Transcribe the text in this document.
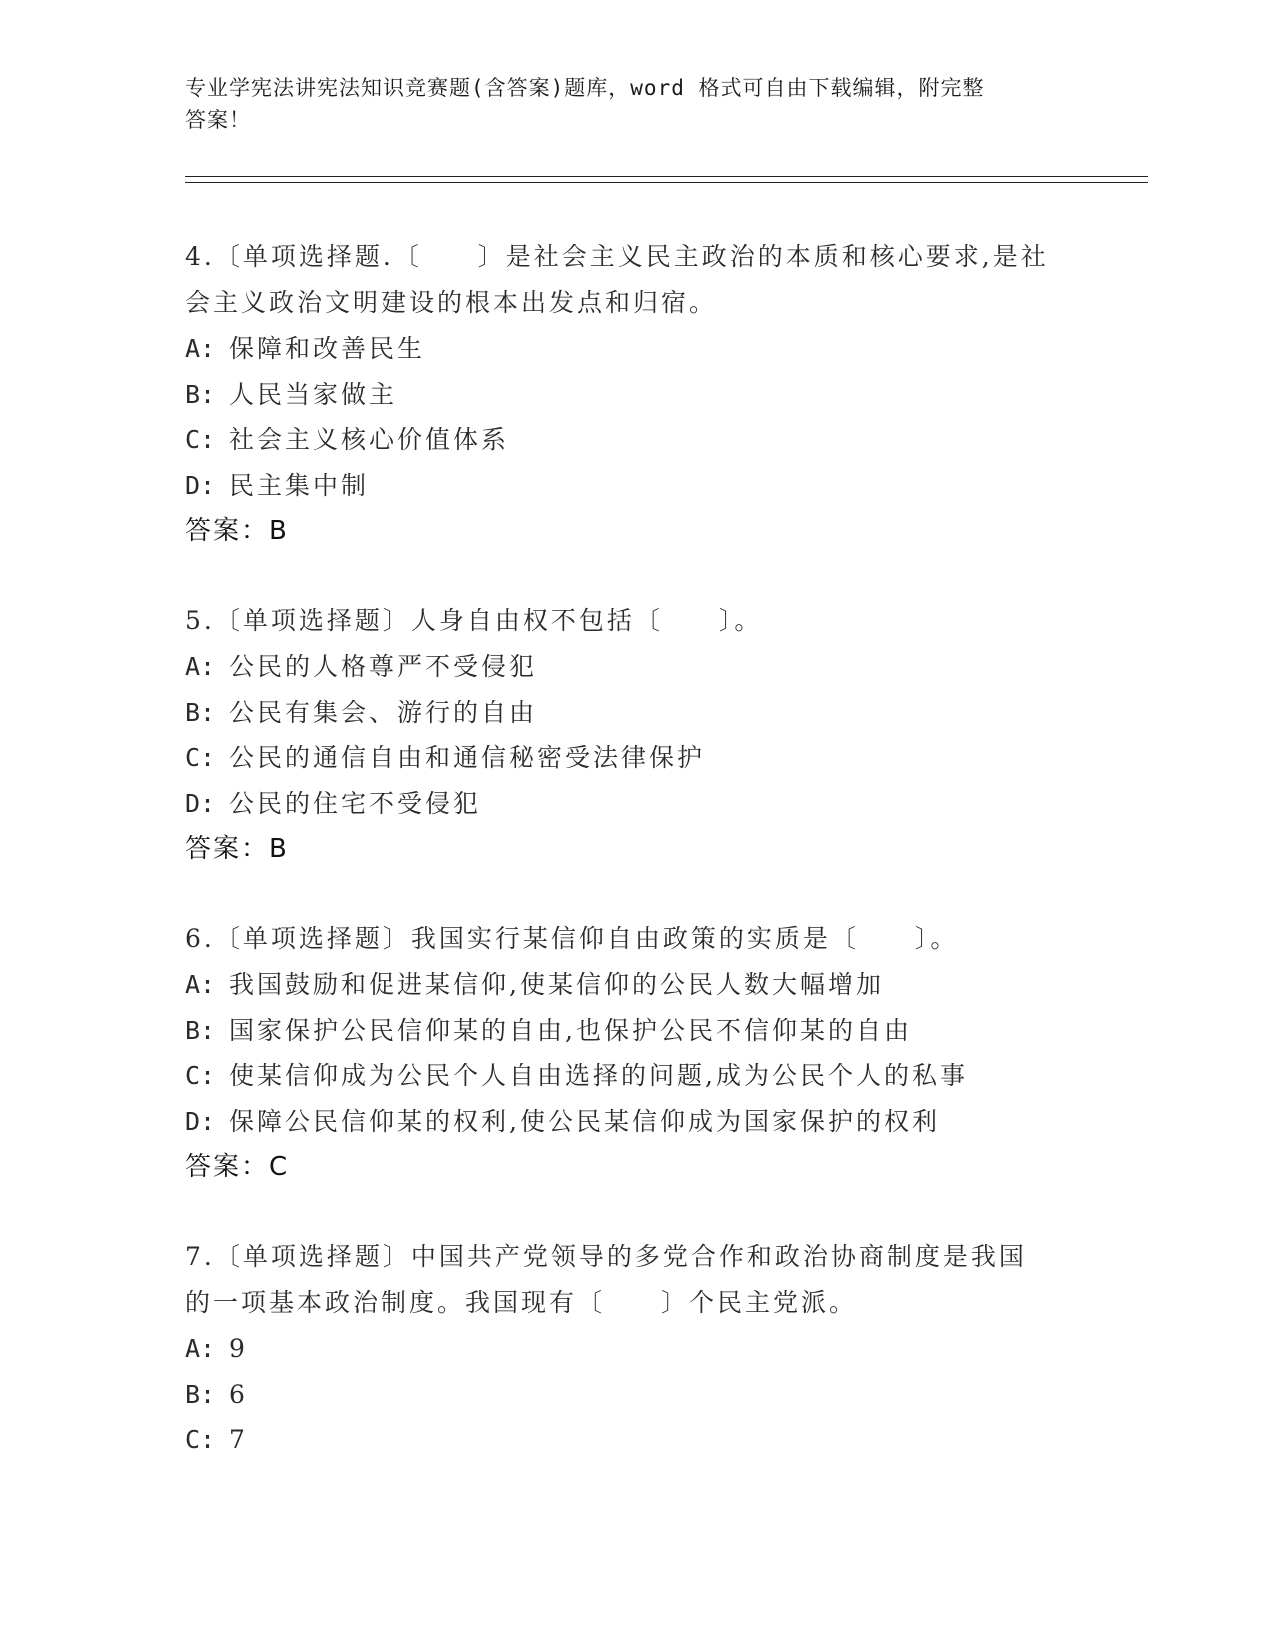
专业学宪法讲宪法知识竞赛题(含答案)题库，word 格式可自由下载编辑，附完整
答案！
4.〔单项选择题.〔　　〕是社会主义民主政治的本质和核心要求,是社
会主义政治文明建设的根本出发点和归宿。
A: 保障和改善民生
B: 人民当家做主
C: 社会主义核心价值体系
D: 民主集中制
答案：B
5.〔单项选择题〕人身自由权不包括〔　　〕。
A: 公民的人格尊严不受侵犯
B: 公民有集会、游行的自由
C: 公民的通信自由和通信秘密受法律保护
D: 公民的住宅不受侵犯
答案：B
6.〔单项选择题〕我国实行某信仰自由政策的实质是〔　　〕。
A: 我国鼓励和促进某信仰,使某信仰的公民人数大幅增加
B: 国家保护公民信仰某的自由,也保护公民不信仰某的自由
C: 使某信仰成为公民个人自由选择的问题,成为公民个人的私事
D: 保障公民信仰某的权利,使公民某信仰成为国家保护的权利
答案：C
7.〔单项选择题〕中国共产党领导的多党合作和政治协商制度是我国
的一项基本政治制度。我国现有〔　　〕个民主党派。
A: 9
B: 6
C: 7
